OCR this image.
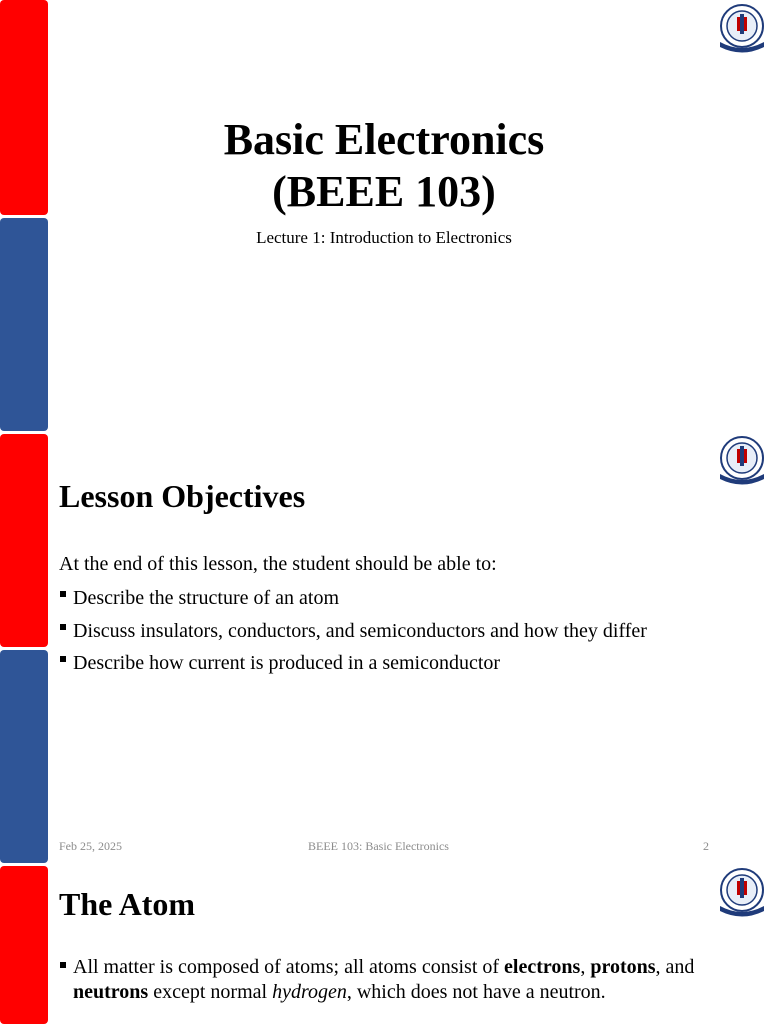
Basic Electronics
(BEEE 103)
Lecture 1: Introduction to Electronics
Lesson Objectives
At the end of this lesson, the student should be able to:
Describe the structure of an atom
Discuss insulators, conductors, and semiconductors and how they differ
Describe how current is produced in a semiconductor
Feb 25, 2025	BEEE 103: Basic Electronics	2
The Atom
All matter is composed of atoms; all atoms consist of electrons, protons, and
neutrons except normal hydrogen, which does not have a neutron.
